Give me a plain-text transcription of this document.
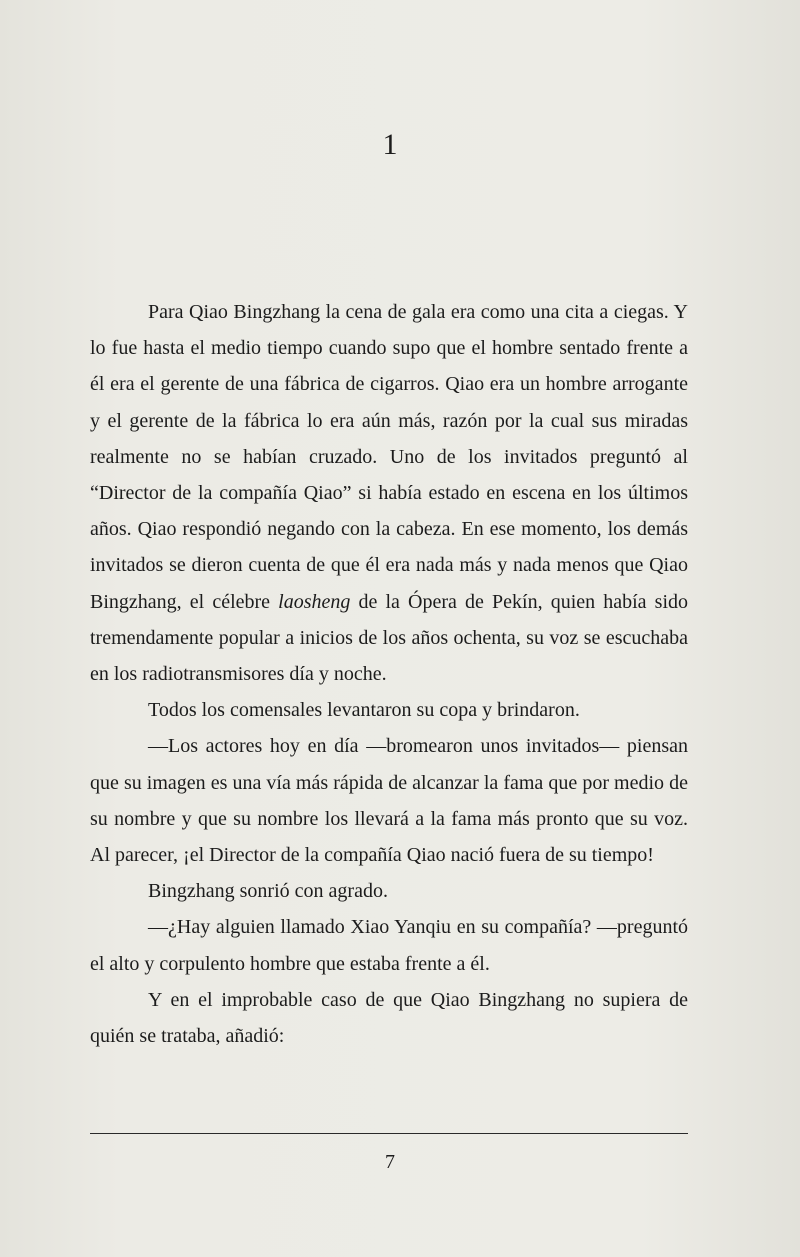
1

Para Qiao Bingzhang la cena de gala era como una cita a ciegas. Y lo fue hasta el medio tiempo cuando supo que el hombre sentado frente a él era el gerente de una fábrica de cigarros. Qiao era un hombre arrogante y el gerente de la fábrica lo era aún más, razón por la cual sus miradas realmente no se habían cruzado. Uno de los invitados preguntó al “Director de la compañía Qiao” si había estado en escena en los últimos años. Qiao respondió negando con la cabeza. En ese momento, los demás invitados se dieron cuenta de que él era nada más y nada menos que Qiao Bingzhang, el célebre laosheng de la Ópera de Pekín, quien había sido tremendamente popular a inicios de los años ochenta, su voz se escuchaba en los radiotransmisores día y noche.

Todos los comensales levantaron su copa y brindaron.

—Los actores hoy en día —bromearon unos invitados— piensan que su imagen es una vía más rápida de alcanzar la fama que por medio de su nombre y que su nombre los llevará a la fama más pronto que su voz. Al parecer, ¡el Director de la compañía Qiao nació fuera de su tiempo!

Bingzhang sonrió con agrado.

—¿Hay alguien llamado Xiao Yanqiu en su compañía? —preguntó el alto y corpulento hombre que estaba frente a él.

Y en el improbable caso de que Qiao Bingzhang no supiera de quién se trataba, añadió:

7
